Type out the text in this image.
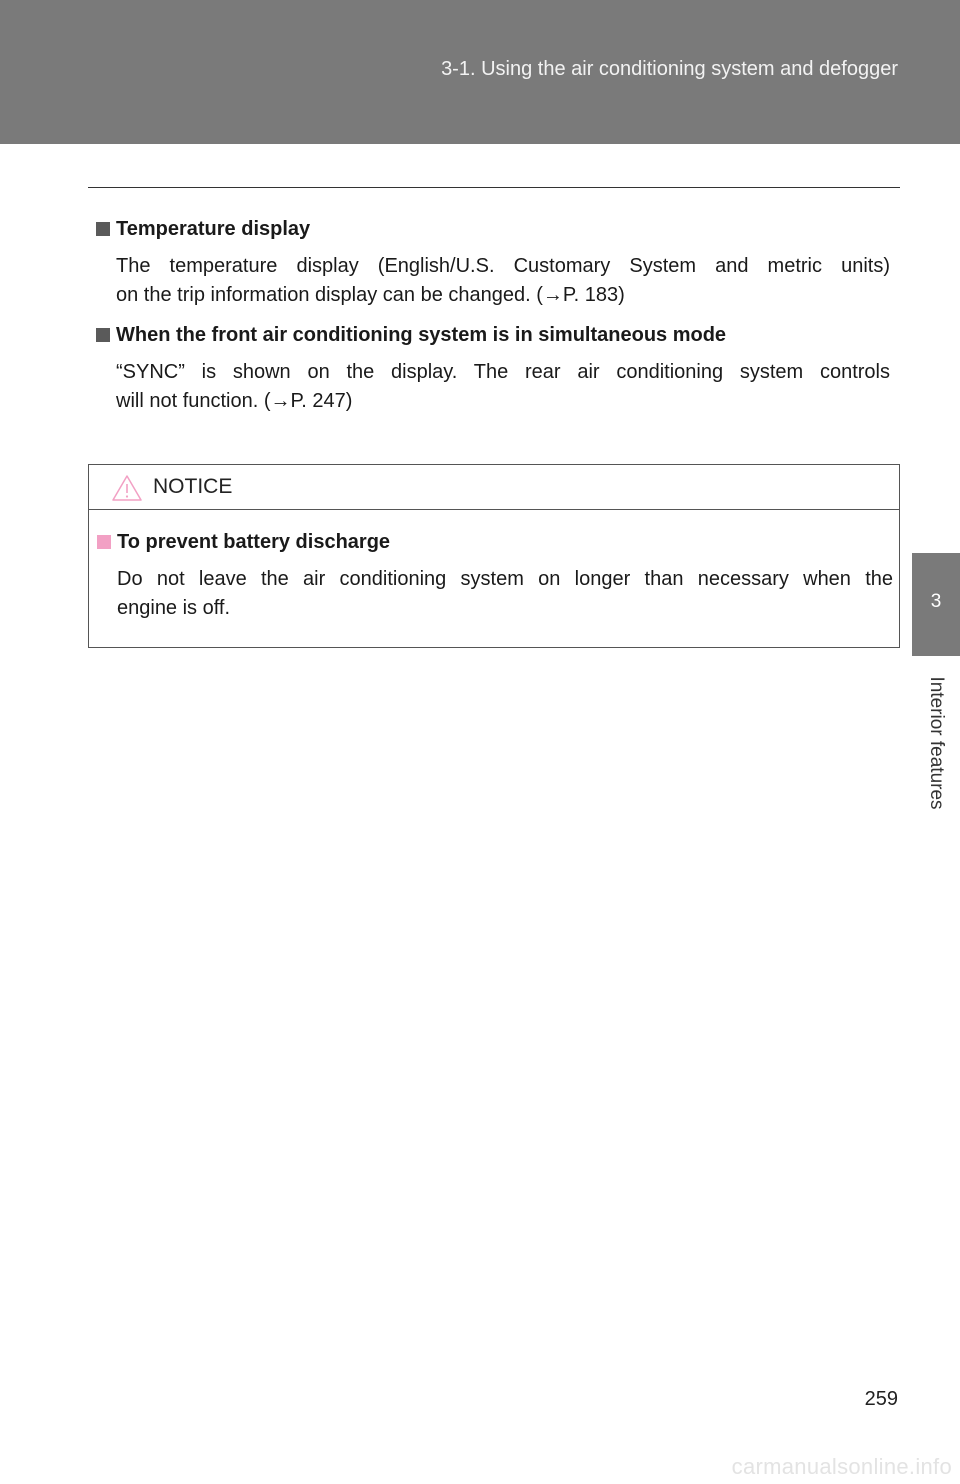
3-1. Using the air conditioning system and defogger
3
Interior features
Temperature display
The temperature display (English/U.S. Customary System and metric units)
on the trip information display can be changed. (→P. 183)
When the front air conditioning system is in simultaneous mode
“SYNC” is shown on the display. The rear air conditioning system controls
will not function. (→P. 247)
NOTICE
To prevent battery discharge
Do not leave the air conditioning system on longer than necessary when the
engine is off.
259
carmanualsonline.info
